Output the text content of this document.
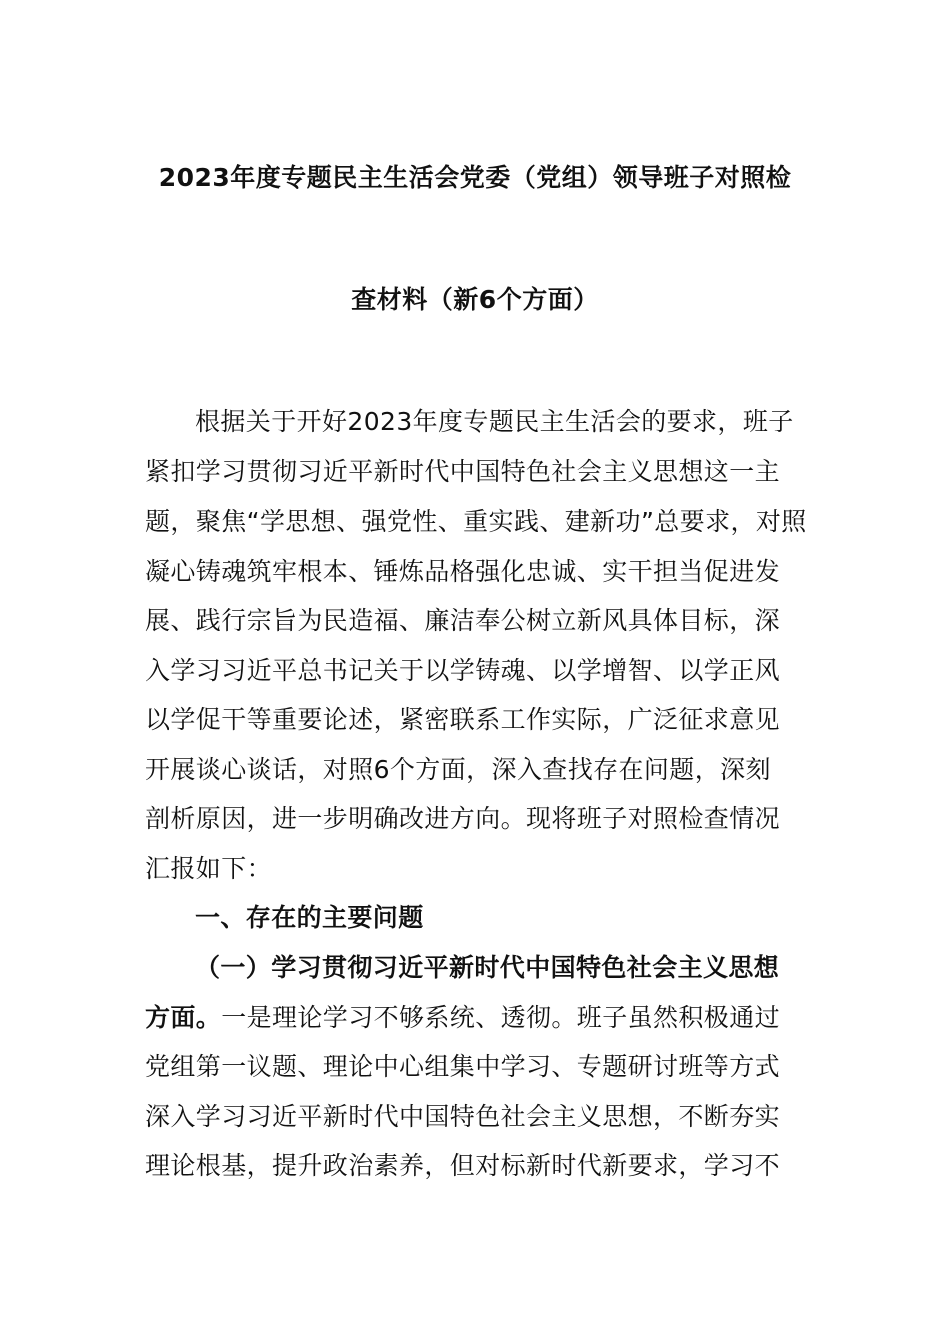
2023年度专题民主生活会党委（党组）领导班子对照检
查材料（新6个方面）
根据关于开好2023年度专题民主生活会的要求，班子
紧扣学习贯彻习近平新时代中国特色社会主义思想这一主
题，聚焦“学思想、强党性、重实践、建新功”总要求，对照
凝心铸魂筑牢根本、锤炼品格强化忠诚、实干担当促进发
展、践行宗旨为民造福、廉洁奉公树立新风具体目标，深
入学习习近平总书记关于以学铸魂、以学增智、以学正风
以学促干等重要论述，紧密联系工作实际，广泛征求意见
开展谈心谈话，对照6个方面，深入查找存在问题，深刻
剖析原因，进一步明确改进方向。现将班子对照检查情况
汇报如下：
一、存在的主要问题
（一）学习贯彻习近平新时代中国特色社会主义思想
方面。一是理论学习不够系统、透彻。班子虽然积极通过
党组第一议题、理论中心组集中学习、专题研讨班等方式
深入学习习近平新时代中国特色社会主义思想，不断夯实
理论根基，提升政治素养，但对标新时代新要求，学习不
